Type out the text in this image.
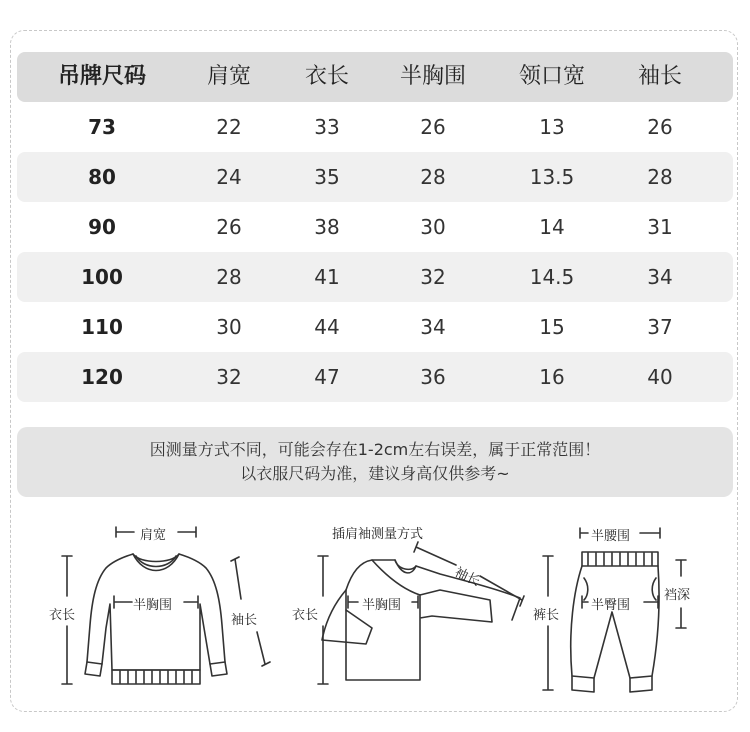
吊牌尺码	肩宽	衣长	半胸围	领口宽	袖长
73	22	33	26	13	26
80	24	35	28	13.5	28
90	26	38	30	14	31
100	28	41	32	14.5	34
110	30	44	34	15	37
120	32	47	36	16	40
因测量方式不同，可能会存在1-2cm左右误差，属于正常范围！
以衣服尺码为准，建议身高仅供参考~
肩宽
半胸围
衣长	袖长
插肩袖测量方式
半胸围
衣长
袖长
半腰围
半臀围
裤长
裆深
